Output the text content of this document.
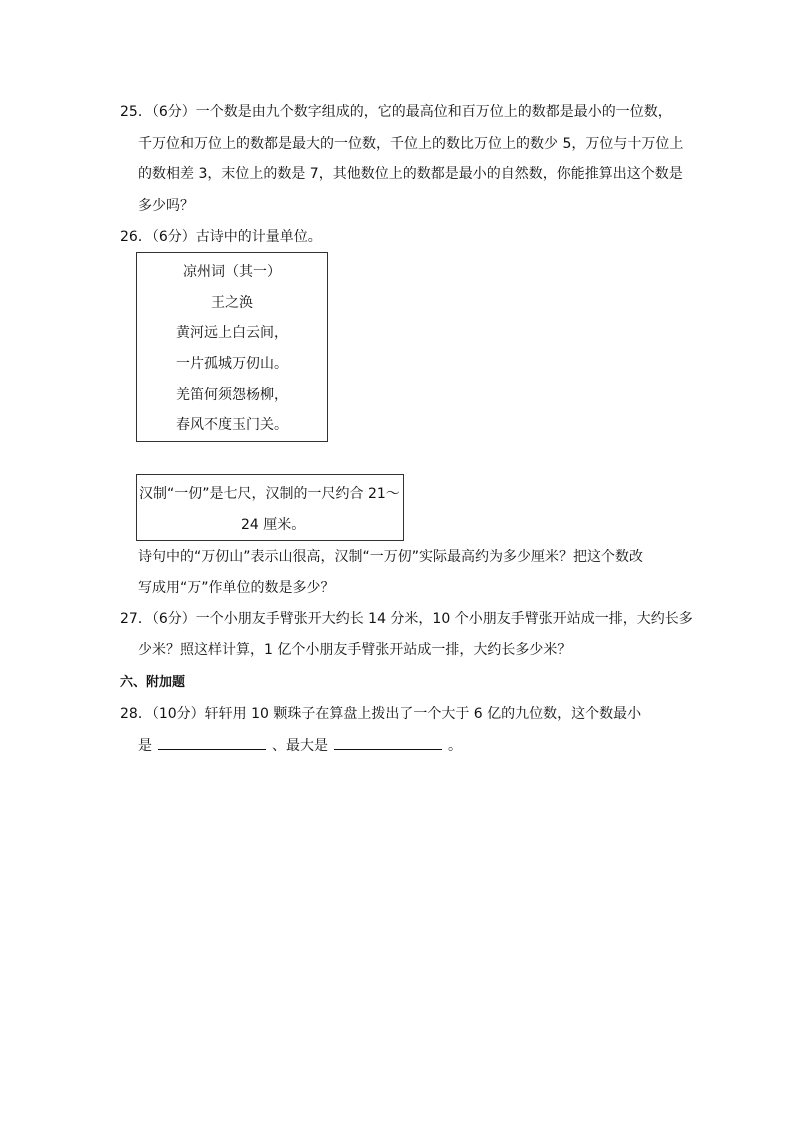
25．（6分）一个数是由九个数字组成的，它的最高位和百万位上的数都是最小的一位数，
千万位和万位上的数都是最大的一位数，千位上的数比万位上的数少 5，万位与十万位上
的数相差 3，末位上的数是 7，其他数位上的数都是最小的自然数，你能推算出这个数是
多少吗？
26．（6分）古诗中的计量单位。
凉州词（其一）
王之涣
黄河远上白云间，
一片孤城万仞山。
羌笛何须怨杨柳，
春风不度玉门关。
汉制“一仞”是七尺，汉制的一尺约合 21～
24 厘米。
诗句中的“万仞山”表示山很高，汉制“一万仞”实际最高约为多少厘米？把这个数改
写成用“万”作单位的数是多少？
27．（6分）一个小朋友手臂张开大约长 14 分米，10 个小朋友手臂张开站成一排，大约长多
少米？照这样计算，1 亿个小朋友手臂张开站成一排，大约长多少米？
六、附加题
28．（10分）轩轩用 10 颗珠子在算盘上拨出了一个大于 6 亿的九位数，这个数最小
是	、最大是	。
